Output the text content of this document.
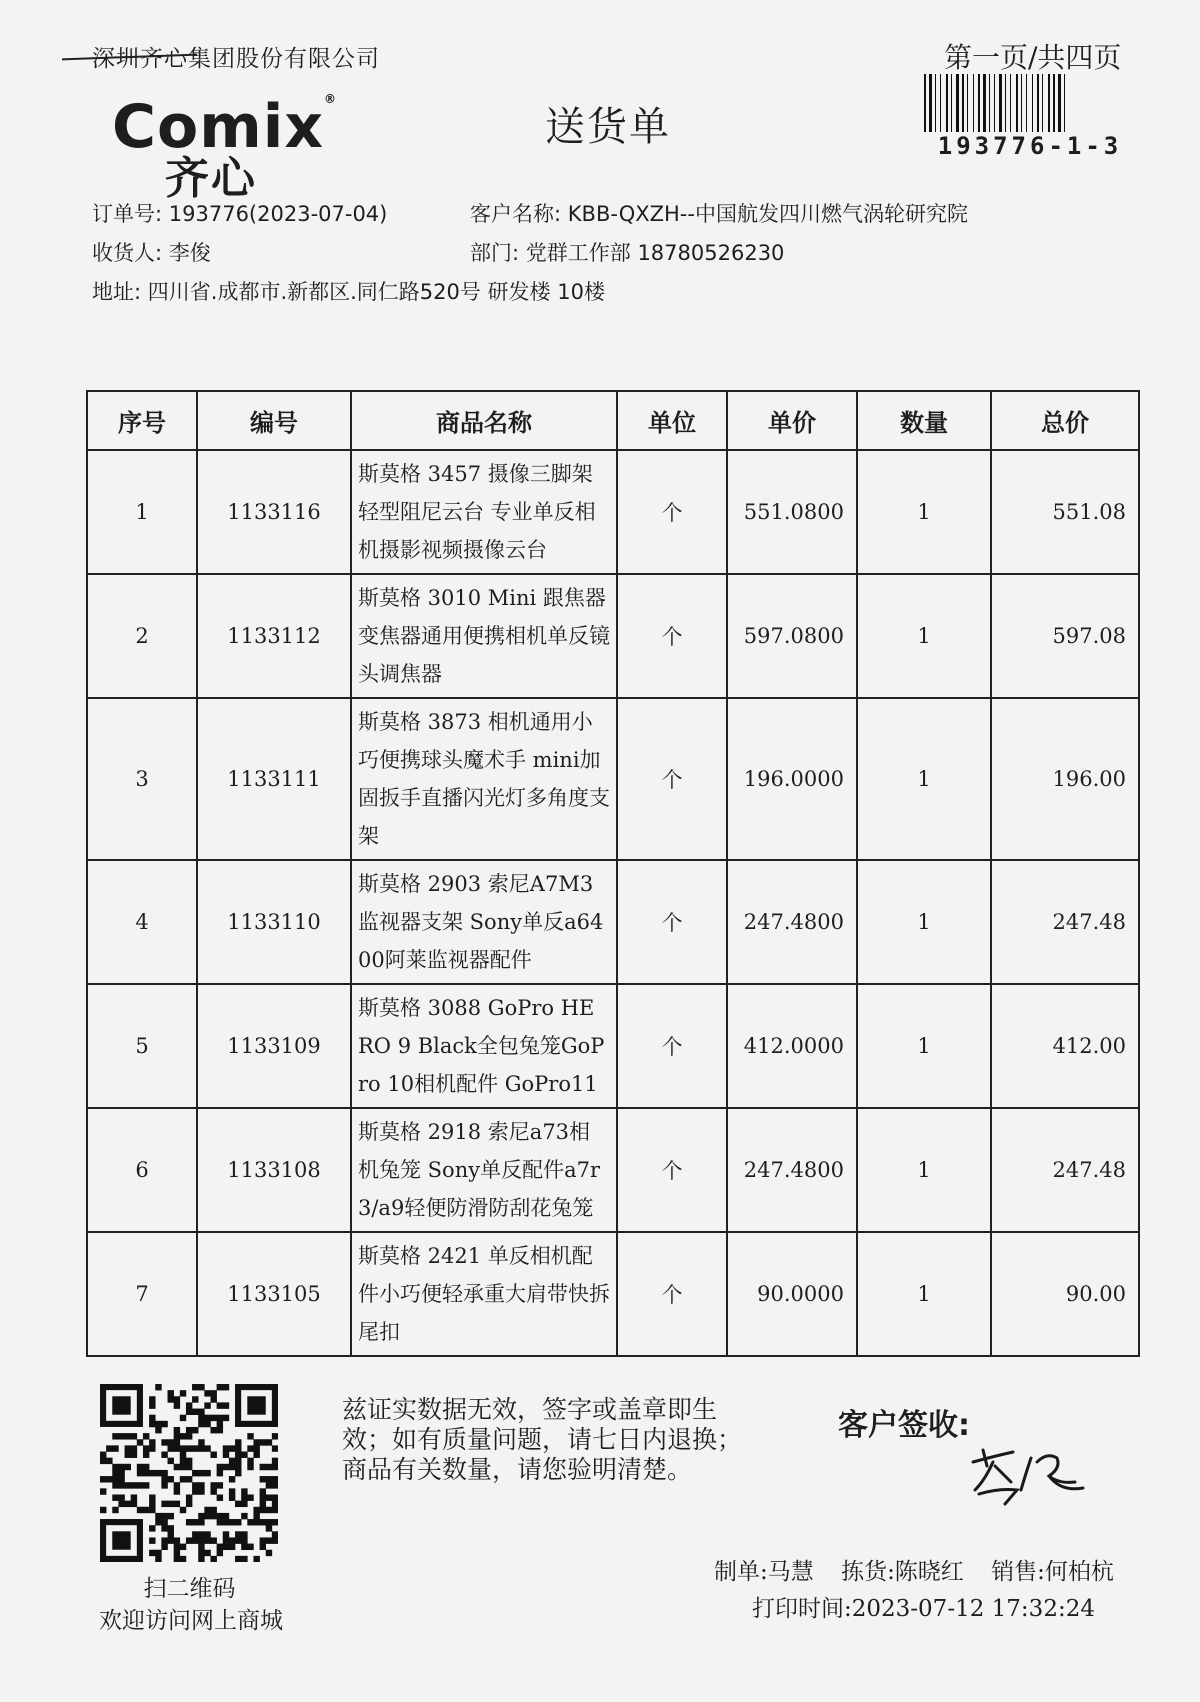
深圳齐心集团股份有限公司	第一页/共四页
193776-1-3
Comix®
齐心
送货单
订单号: 193776(2023-07-04)	客户名称: KBB-QXZH--中国航发四川燃气涡轮研究院
收货人: 李俊	部门: 党群工作部 18780526230
地址: 四川省.成都市.新都区.同仁路520号 研发楼 10楼
序号	编号	商品名称	单位	单价	数量	总价
1	1133116	斯莫格 3457 摄像三脚架轻型阻尼云台 专业单反相机摄影视频摄像云台	个	551.0800	1	551.08
2	1133112	斯莫格 3010 Mini 跟焦器变焦器通用便携相机单反镜头调焦器	个	597.0800	1	597.08
3	1133111	斯莫格 3873 相机通用小巧便携球头魔术手 mini加固扳手直播闪光灯多角度支架	个	196.0000	1	196.00
4	1133110	斯莫格 2903 索尼A7M3监视器支架 Sony单反a6400阿莱监视器配件	个	247.4800	1	247.48
5	1133109	斯莫格 3088 GoPro HERO 9 Black全包兔笼GoPro 10相机配件 GoPro11	个	412.0000	1	412.00
6	1133108	斯莫格 2918 索尼a73相机兔笼 Sony单反配件a7r3/a9轻便防滑防刮花兔笼	个	247.4800	1	247.48
7	1133105	斯莫格 2421 单反相机配件小巧便轻承重大肩带快拆尾扣	个	90.0000	1	90.00
扫二维码
欢迎访问网上商城
兹证实数据无效，签字或盖章即生效；如有质量问题，请七日内退换；商品有关数量，请您验明清楚。
客户签收:
制单:马慧 拣货:陈晓红 销售:何柏杭
打印时间:2023-07-12 17:32:24
